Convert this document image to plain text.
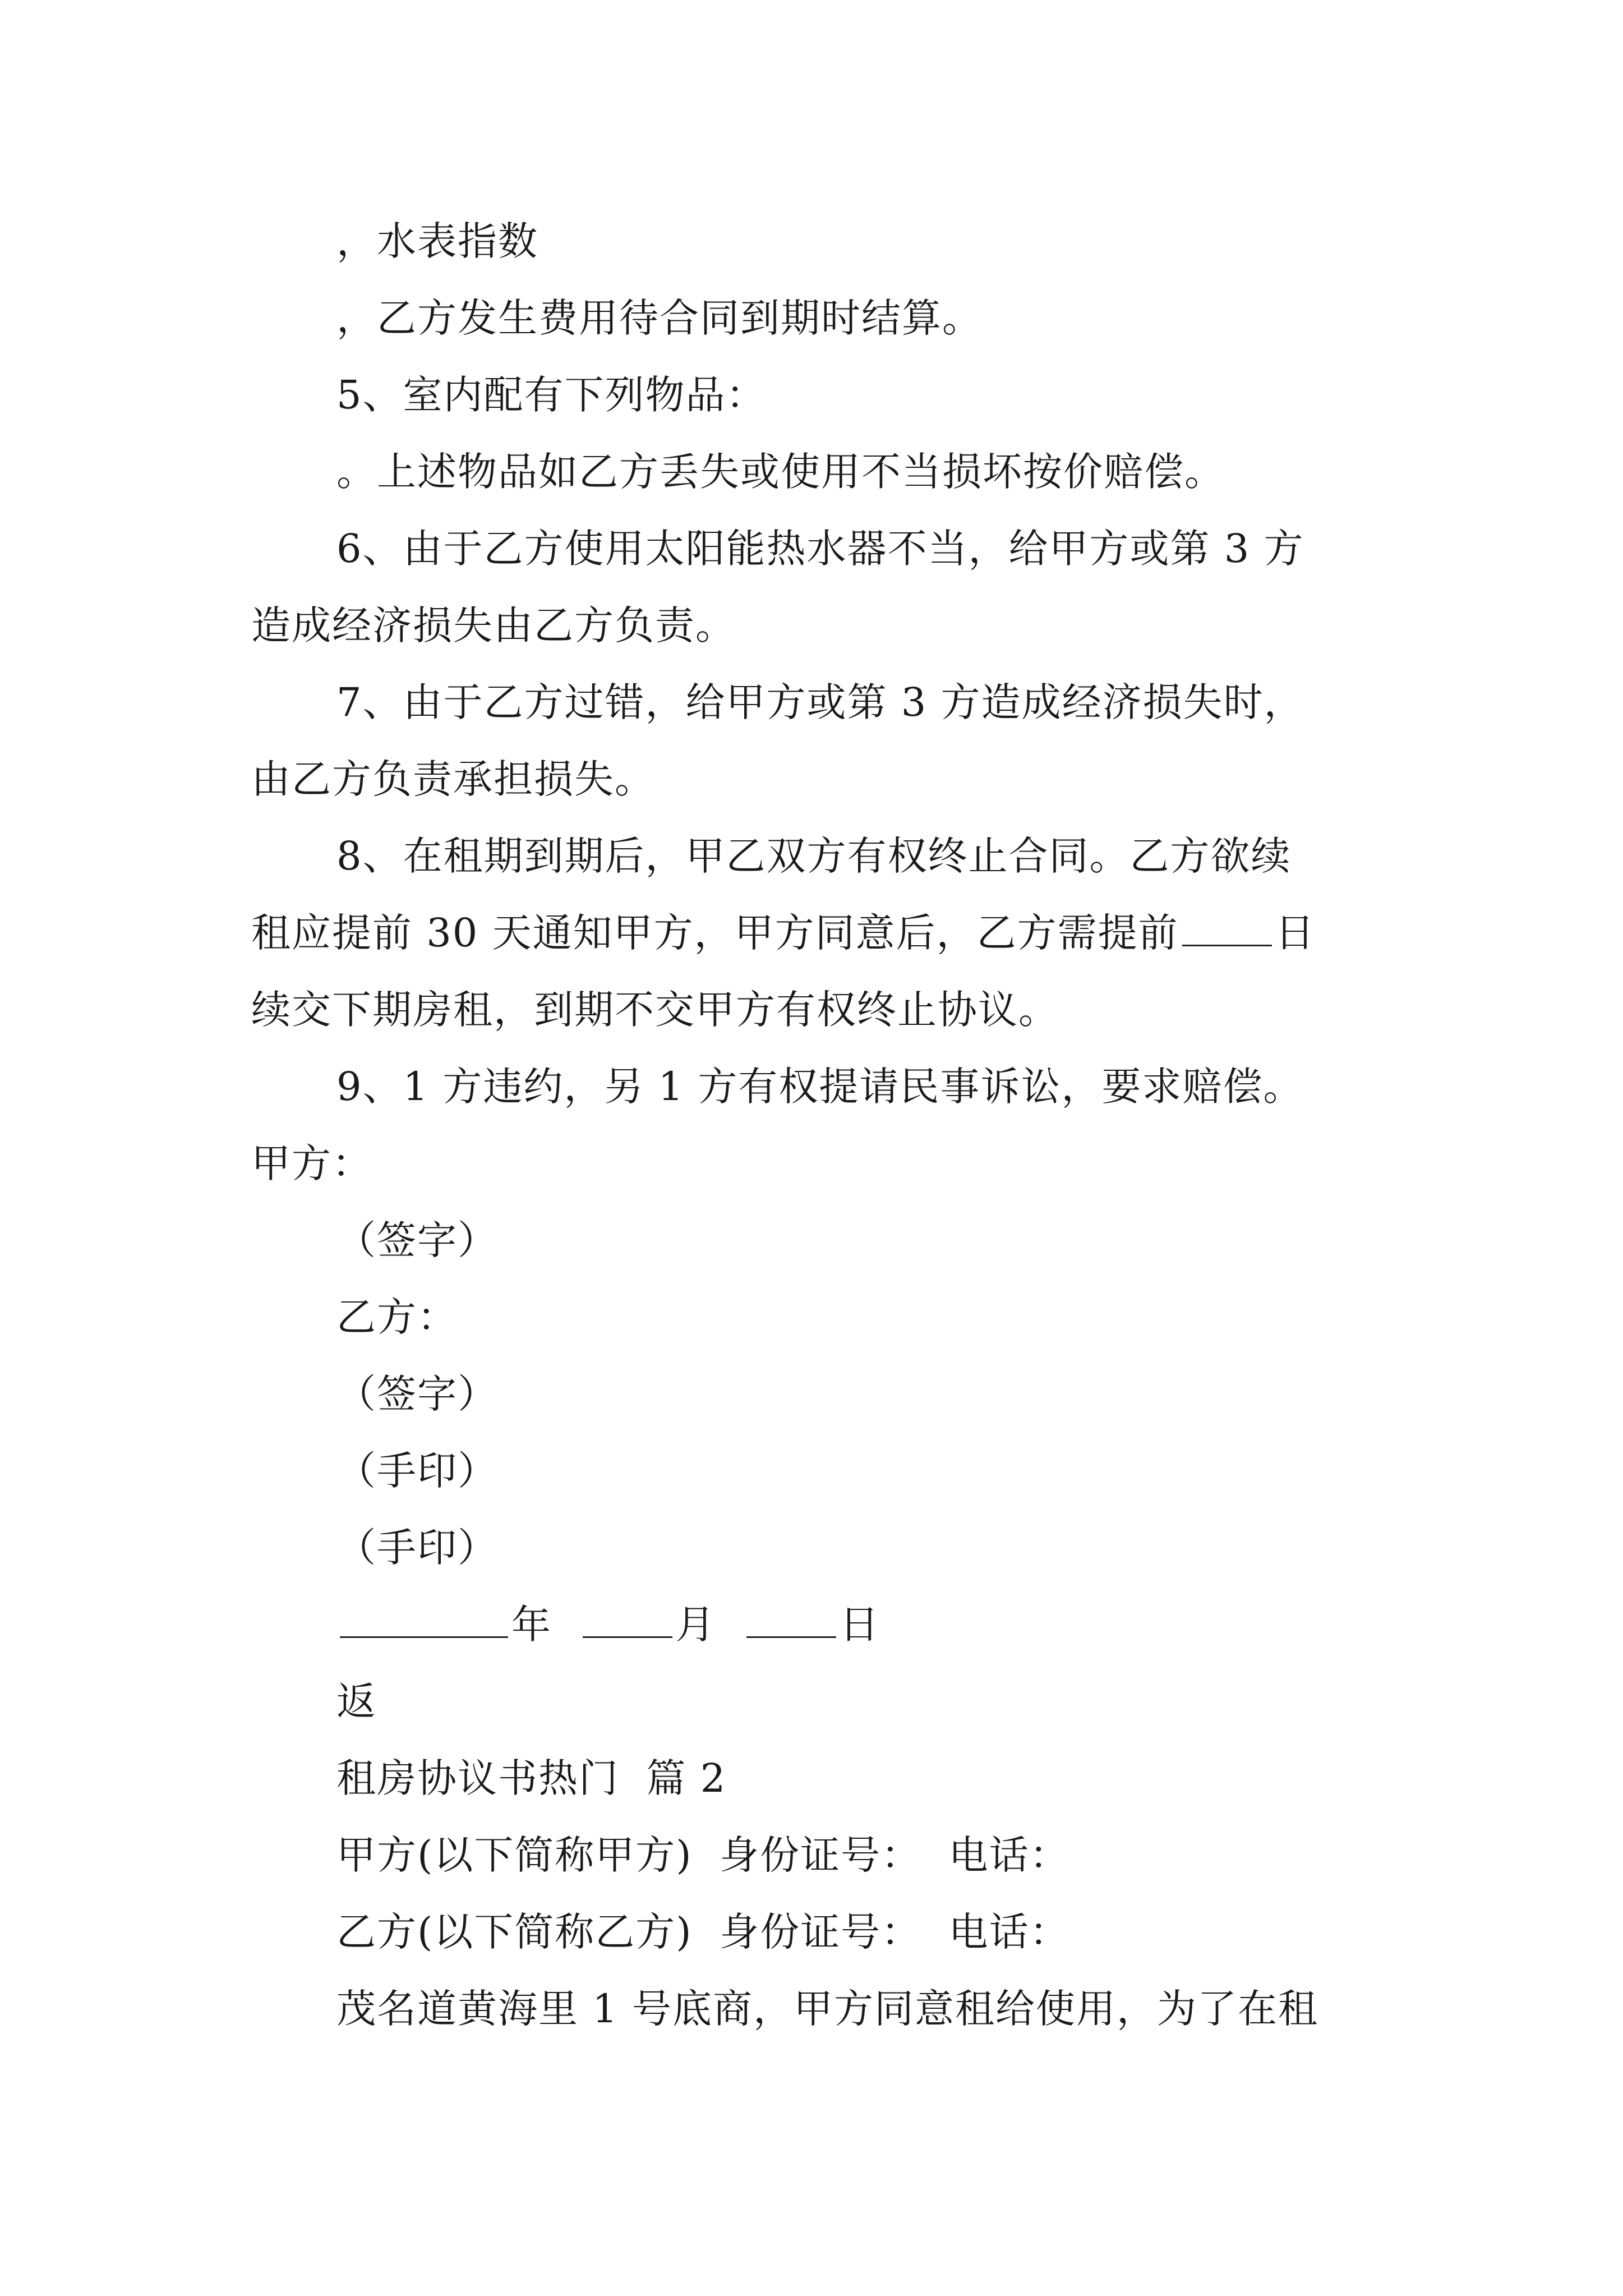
，水表指数
，乙方发生费用待合同到期时结算。
5、室内配有下列物品：
。上述物品如乙方丢失或使用不当损坏按价赔偿。
6、由于乙方使用太阳能热水器不当，给甲方或第 3 方
造成经济损失由乙方负责。
7、由于乙方过错，给甲方或第 3 方造成经济损失时，
由乙方负责承担损失。
8、在租期到期后，甲乙双方有权终止合同。乙方欲续
租应提前 30 天通知甲方，甲方同意后，乙方需提前 日
续交下期房租，到期不交甲方有权终止协议。
9、1 方违约，另 1 方有权提请民事诉讼，要求赔偿。
甲方：
（签字）
乙方：
（签字）
（手印）
（手印）
年	月	日
返
租房协议书热门  篇 2
甲方(以下简称甲方)  身份证号：  电话：
乙方(以下简称乙方)  身份证号：  电话：
茂名道黄海里 1 号底商，甲方同意租给使用，为了在租
